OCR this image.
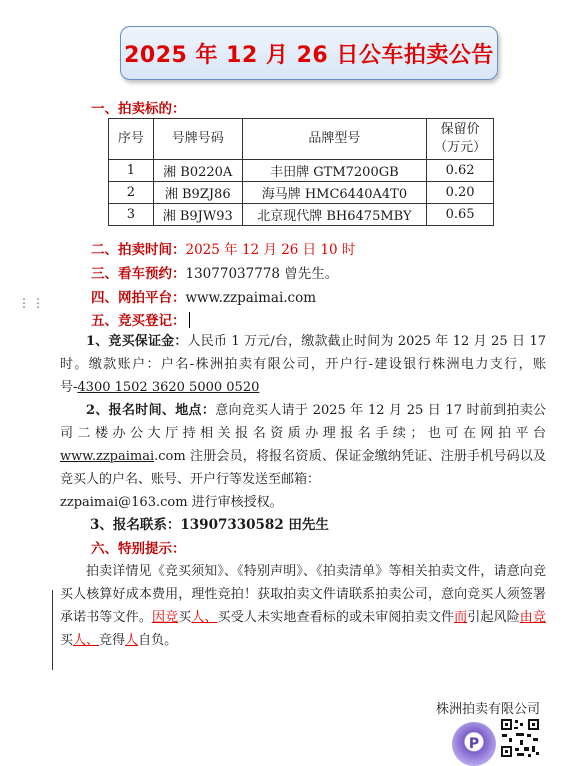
2025 年 12 月 26 日公车拍卖公告
一、拍卖标的：
序号	号牌号码	品牌型号	保留价（万元）
1	湘 B0220A	丰田牌 GTM7200GB	0.62
2	湘 B9ZJ86	海马牌 HMC6440A4T0	0.20
3	湘 B9JW93	北京现代牌 BH6475MBY	0.65
二、拍卖时间：2025 年 12 月 26 日 10 时
三、看车预约：13077037778 曾先生。
四、网拍平台：www.zzpaimai.com
⋮⋮
五、竞买登记：
1、竞买保证金：人民币 1 万元/台，缴款截止时间为 2025 年 12 月 25 日 17 时。缴款账户：户名-株洲拍卖有限公司，开户行-建设银行株洲电力支行，账号-4300 1502 3620 5000 0520
2、报名时间、地点：意向竞买人请于 2025 年 12 月 25 日 17 时前到拍卖公司二楼办公大厅持相关报名资质办理报名手续；也可在网拍平台www.zzpaimai.com 注册会员，将报名资质、保证金缴纳凭证、注册手机号码以及竞买人的户名、账号、开户行等发送至邮箱：
zzpaimai@163.com 进行审核授权。
3、报名联系：13907330582 田先生
六、特别提示：
拍卖详情见《竞买须知》、《特别声明》、《拍卖清单》等相关拍卖文件，请意向竞买人核算好成本费用，理性竞拍！获取拍卖文件请联系拍卖公司，意向竞买人须签署承诺书等文件。因竞买人、买受人未实地查看标的或未审阅拍卖文件而引起风险由竞买人、竞得人自负。
株洲拍卖有限公司
P
